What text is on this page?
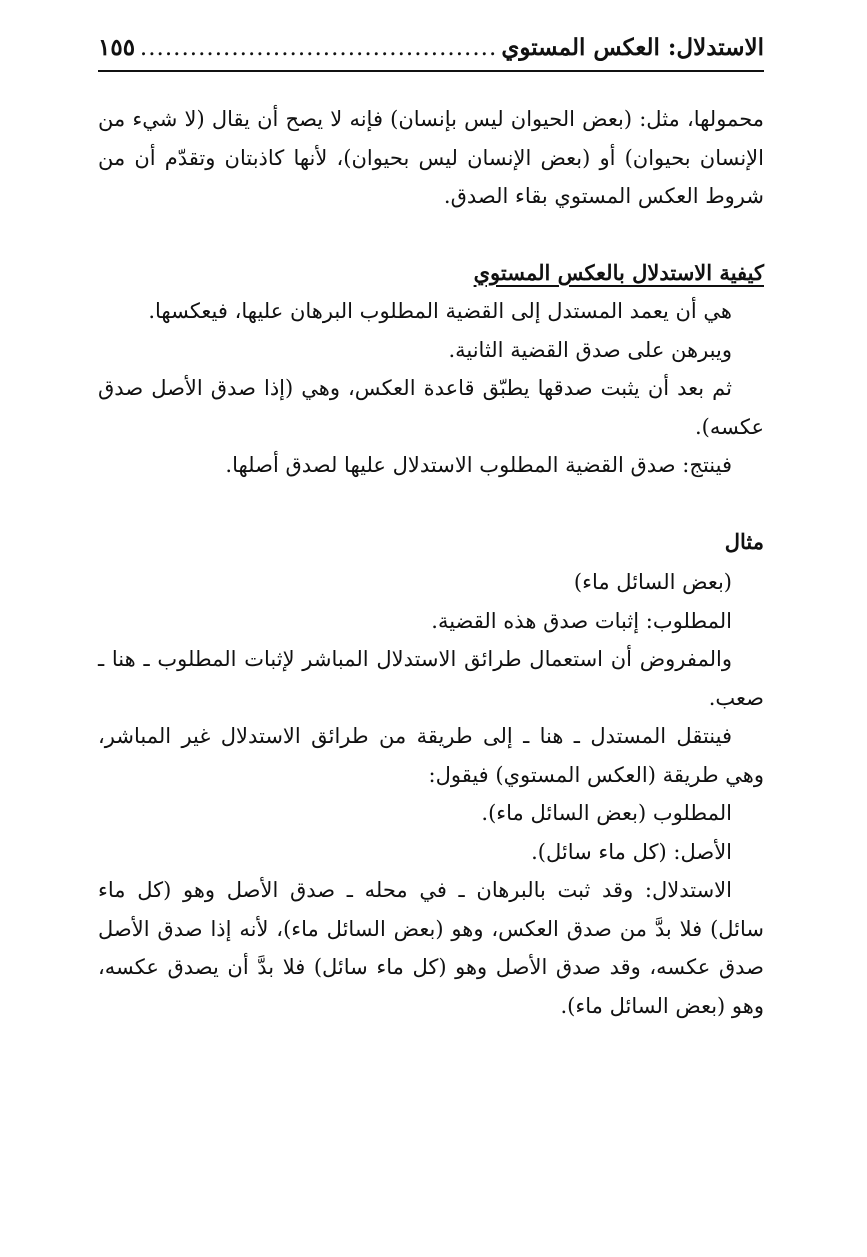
الاستدلال: العكس المستوي
.....
١٥٥

محمولها، مثل: (بعض الحيوان ليس بإنسان) فإنه لا يصح أن يقال (لا شيء من الإنسان بحيوان) أو (بعض الإنسان ليس بحيوان)، لأنها كاذبتان وتقدّم أن من شروط العكس المستوي بقاء الصدق.

كيفية الاستدلال بالعكس المستوي

هي أن يعمد المستدل إلى القضية المطلوب البرهان عليها، فيعكسها.

ويبرهن على صدق القضية الثانية.

ثم بعد أن يثبت صدقها يطبّق قاعدة العكس، وهي (إذا صدق الأصل صدق عكسه).

فينتج: صدق القضية المطلوب الاستدلال عليها لصدق أصلها.

مثال

(بعض السائل ماء)

المطلوب: إثبات صدق هذه القضية.

والمفروض أن استعمال طرائق الاستدلال المباشر لإثبات المطلوب ـ هنا ـ صعب.

فينتقل المستدل ـ هنا ـ إلى طريقة من طرائق الاستدلال غير المباشر، وهي طريقة (العكس المستوي) فيقول:

المطلوب (بعض السائل ماء).

الأصل: (كل ماء سائل).

الاستدلال: وقد ثبت بالبرهان ـ في محله ـ صدق الأصل وهو (كل ماء سائل) فلا بدَّ من صدق العكس، وهو (بعض السائل ماء)، لأنه إذا صدق الأصل صدق عكسه، وقد صدق الأصل وهو (كل ماء سائل) فلا بدَّ أن يصدق عكسه، وهو (بعض السائل ماء).
